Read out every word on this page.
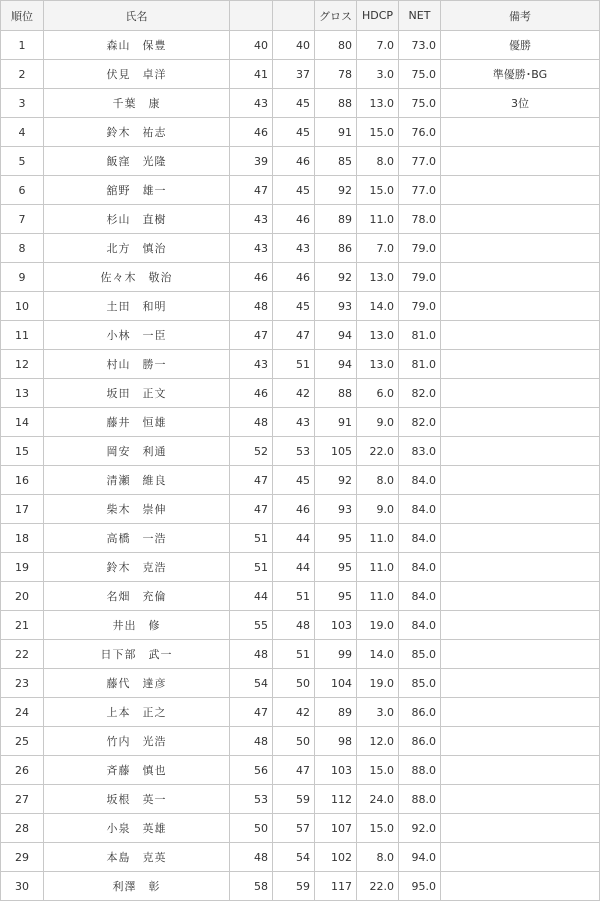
順位	氏名			グロス	HDCP	NET	備考
1	森山　保豊	40	40	80	7.0	73.0	優勝
2	伏見　卓洋	41	37	78	3.0	75.0	準優勝･BG
3	千葉　康	43	45	88	13.0	75.0	3位
4	鈴木　祐志	46	45	91	15.0	76.0	
5	飯窪　光隆	39	46	85	8.0	77.0	
6	舘野　雄一	47	45	92	15.0	77.0	
7	杉山　直樹	43	46	89	11.0	78.0	
8	北方　慎治	43	43	86	7.0	79.0	
9	佐々木　敬治	46	46	92	13.0	79.0	
10	土田　和明	48	45	93	14.0	79.0	
11	小林　一臣	47	47	94	13.0	81.0	
12	村山　勝一	43	51	94	13.0	81.0	
13	坂田　正文	46	42	88	6.0	82.0	
14	藤井　恒雄	48	43	91	9.0	82.0	
15	岡安　利通	52	53	105	22.0	83.0	
16	清瀬　維良	47	45	92	8.0	84.0	
17	柴木　崇伸	47	46	93	9.0	84.0	
18	高橋　一浩	51	44	95	11.0	84.0	
19	鈴木　克浩	51	44	95	11.0	84.0	
20	名畑　充倫	44	51	95	11.0	84.0	
21	井出　修	55	48	103	19.0	84.0	
22	日下部　武一	48	51	99	14.0	85.0	
23	藤代　達彦	54	50	104	19.0	85.0	
24	上本　正之	47	42	89	3.0	86.0	
25	竹内　光浩	48	50	98	12.0	86.0	
26	斉藤　慎也	56	47	103	15.0	88.0	
27	坂根　英一	53	59	112	24.0	88.0	
28	小泉　英雄	50	57	107	15.0	92.0	
29	本島　克英	48	54	102	8.0	94.0	
30	利澤　彰	58	59	117	22.0	95.0	
